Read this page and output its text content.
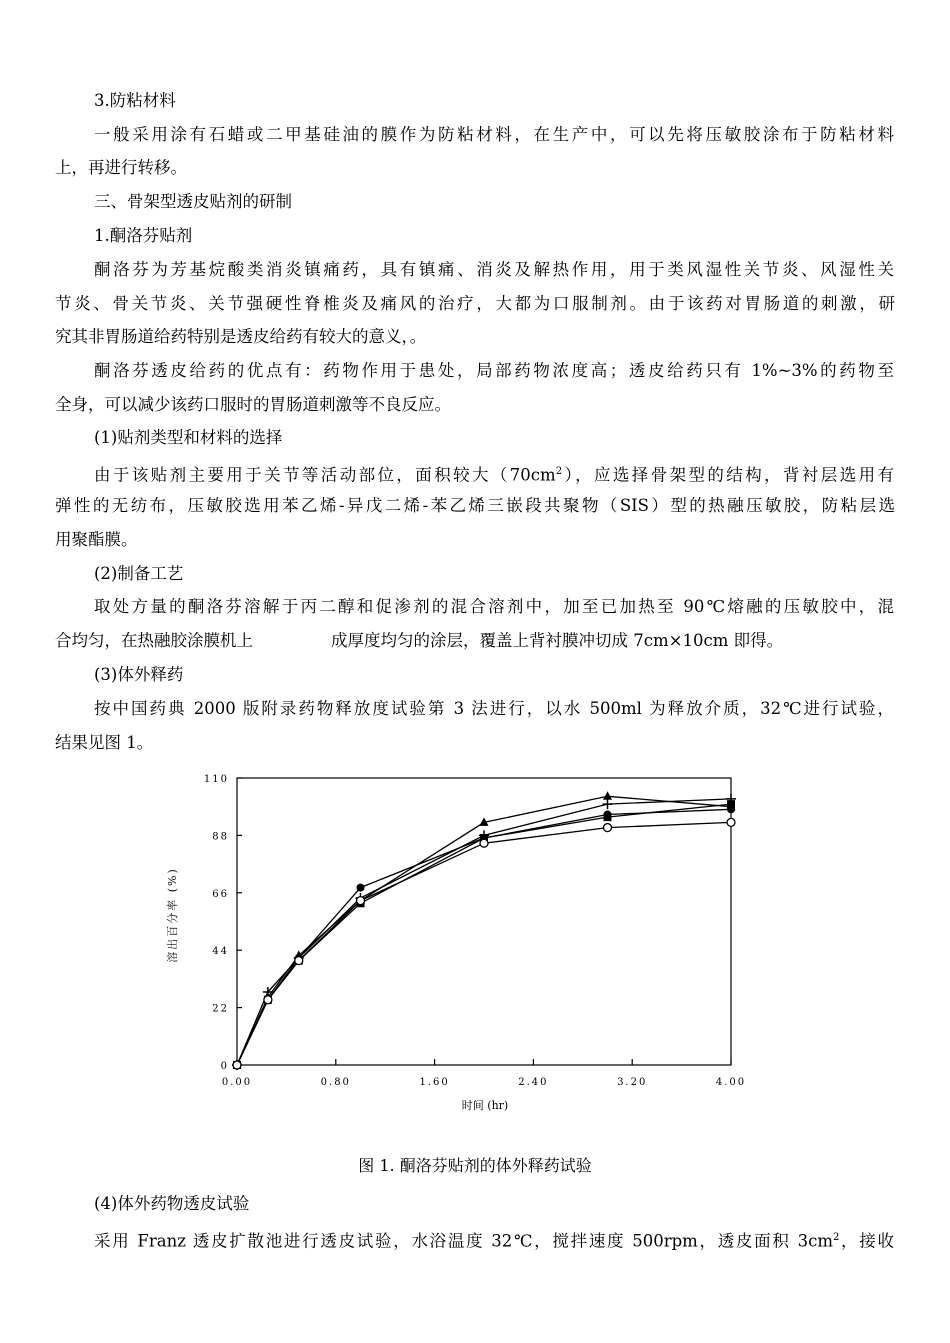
3.防粘材料
一般采用涂有石蜡或二甲基硅油的膜作为防粘材料，在生产中，可以先将压敏胶涂布于防粘材料
上，再进行转移。
三、骨架型透皮贴剂的研制
1.酮洛芬贴剂
酮洛芬为芳基烷酸类消炎镇痛药，具有镇痛、消炎及解热作用，用于类风湿性关节炎、风湿性关
节炎、骨关节炎、关节强硬性脊椎炎及痛风的治疗，大都为口服制剂。由于该药对胃肠道的刺激，研
究其非胃肠道给药特别是透皮给药有较大的意义，。
酮洛芬透皮给药的优点有：药物作用于患处，局部药物浓度高；透皮给药只有 1%~3%的药物至
全身，可以减少该药口服时的胃肠道刺激等不良反应。
(1)贴剂类型和材料的选择
由于该贴剂主要用于关节等活动部位，面积较大$(70cm^2)$，应选择骨架型的结构，背衬层选用有
弹性的无纺布，压敏胶选用苯乙烯-异戊二烯-苯乙烯三嵌段共聚物（SIS）型的热融压敏胶，防粘层选
用聚酯膜。
(2)制备工艺
取处方量的酮洛芬溶解于丙二醇和促渗剂的混合溶剂中，加至已加热至 90℃熔融的压敏胶中，混
合均匀，在热融胶涂膜机上	成厚度均匀的涂层，覆盖上背衬膜冲切成 7cm×10cm 即得。
(3)体外释药
按中国药典 2000 版附录药物释放度试验第 3 法进行，以水 500ml 为释放介质，32℃进行试验，
结果见图 1。
0
22
44
66
88
110
0.00	0.80	1.60	2.40	3.20	4.00
溶出百分率 (%)
时间 (hr)
图 1. 酮洛芬贴剂的体外释药试验
(4)体外药物透皮试验
采用 Franz 透皮扩散池进行透皮试验，水浴温度 32℃，搅拌速度 500rpm，透皮面积 $3cm^2$，接收
